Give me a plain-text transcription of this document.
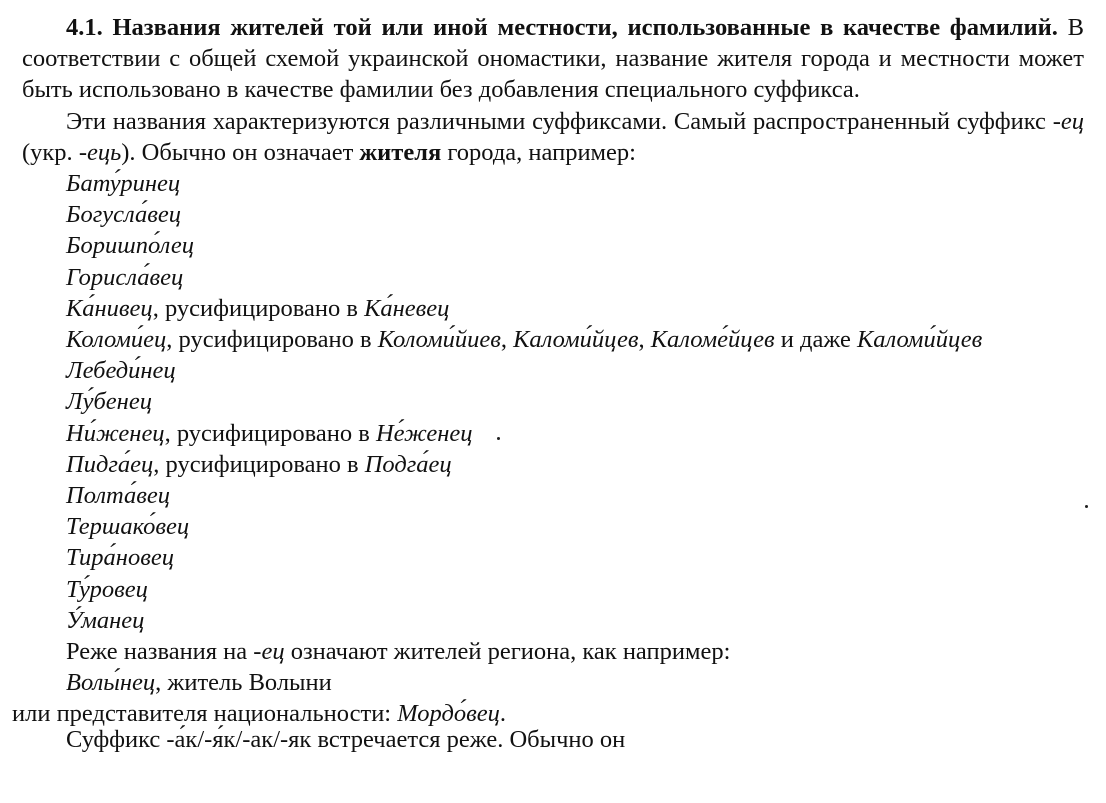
4.1. Названия жителей той или иной местности, использованные в качестве фамилий. В соответствии с общей схемой украинской ономастики, название жителя города и местности может быть использовано в качестве фамилии без добавления специального суффикса.

Эти названия характеризуются различными суффиксами. Самый распространенный суффикс -ец (укр. -ець). Обычно он означает жителя города, например:

Бату́ринец

Богусла́вец

Боришпо́лец

Горисла́вец

Ка́нивец, русифицировано в Ка́невец

Коломи́ец, русифицировано в Коломи́йиев, Каломи́йцев, Каломе́йцев и даже Каломи́йцев

Лебеди́нец

Лу́бенец

Ни́женец, русифицировано в Не́женец

Пидга́ец, русифицировано в Подга́ец

Полта́вец

Тершако́вец

Тира́новец

Ту́ровец

У́манец

Реже названия на -ец означают жителей региона, как например:

Волы́нец, житель Волыни

или представителя национальности: Мордо́вец.

Суффикс -а́к/-я́к/-ак/-як встречается реже. Обычно он
